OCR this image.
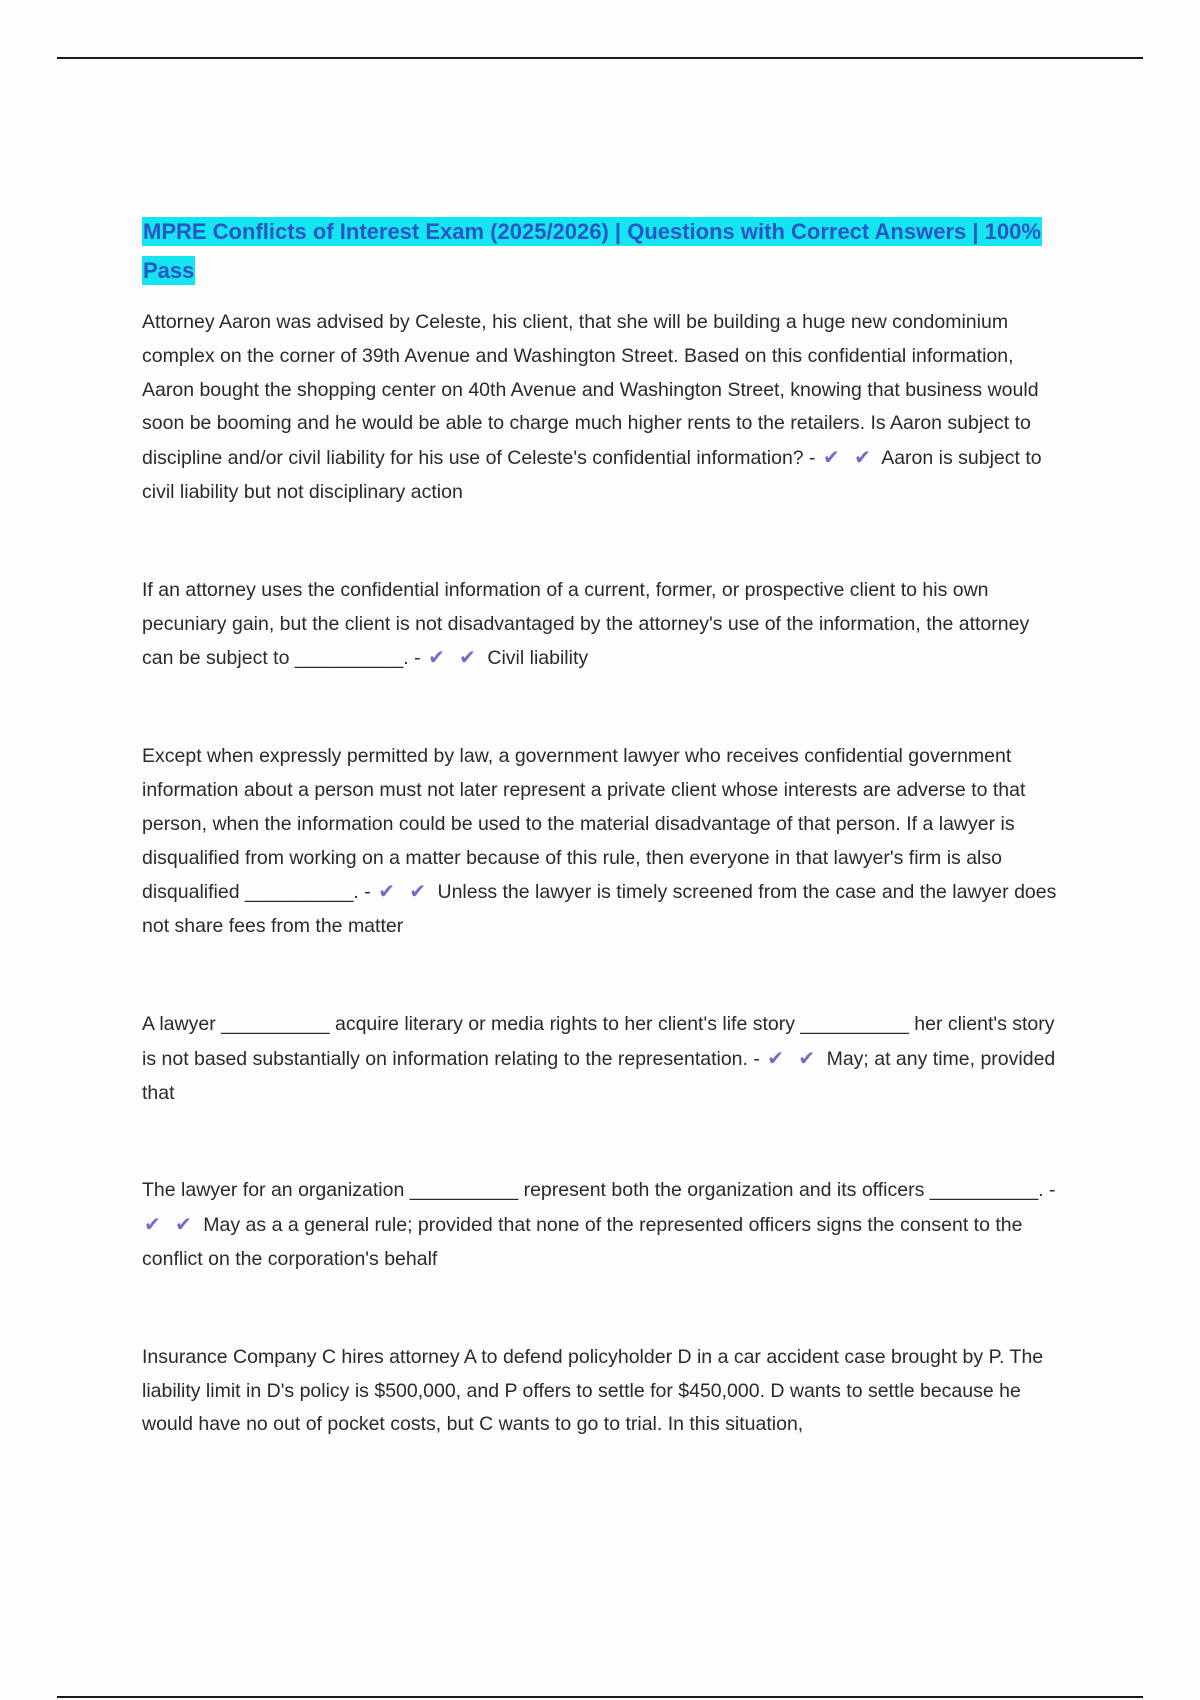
MPRE Conflicts of Interest Exam (2025/2026) | Questions with Correct Answers | 100% Pass

Attorney Aaron was advised by Celeste, his client, that she will be building a huge new condominium complex on the corner of 39th Avenue and Washington Street. Based on this confidential information, Aaron bought the shopping center on 40th Avenue and Washington Street, knowing that business would soon be booming and he would be able to charge much higher rents to the retailers. Is Aaron subject to discipline and/or civil liability for his use of Celeste's confidential information? - ✔ ✔ Aaron is subject to civil liability but not disciplinary action

If an attorney uses the confidential information of a current, former, or prospective client to his own pecuniary gain, but the client is not disadvantaged by the attorney's use of the information, the attorney can be subject to __________. - ✔ ✔ Civil liability

Except when expressly permitted by law, a government lawyer who receives confidential government information about a person must not later represent a private client whose interests are adverse to that person, when the information could be used to the material disadvantage of that person. If a lawyer is disqualified from working on a matter because of this rule, then everyone in that lawyer's firm is also disqualified __________. - ✔ ✔ Unless the lawyer is timely screened from the case and the lawyer does not share fees from the matter

A lawyer __________ acquire literary or media rights to her client's life story __________ her client's story is not based substantially on information relating to the representation. - ✔ ✔ May; at any time, provided that

The lawyer for an organization __________ represent both the organization and its officers __________. - ✔ ✔ May as a a general rule; provided that none of the represented officers signs the consent to the conflict on the corporation's behalf

Insurance Company C hires attorney A to defend policyholder D in a car accident case brought by P. The liability limit in D's policy is $500,000, and P offers to settle for $450,000. D wants to settle because he would have no out of pocket costs, but C wants to go to trial. In this situation,
